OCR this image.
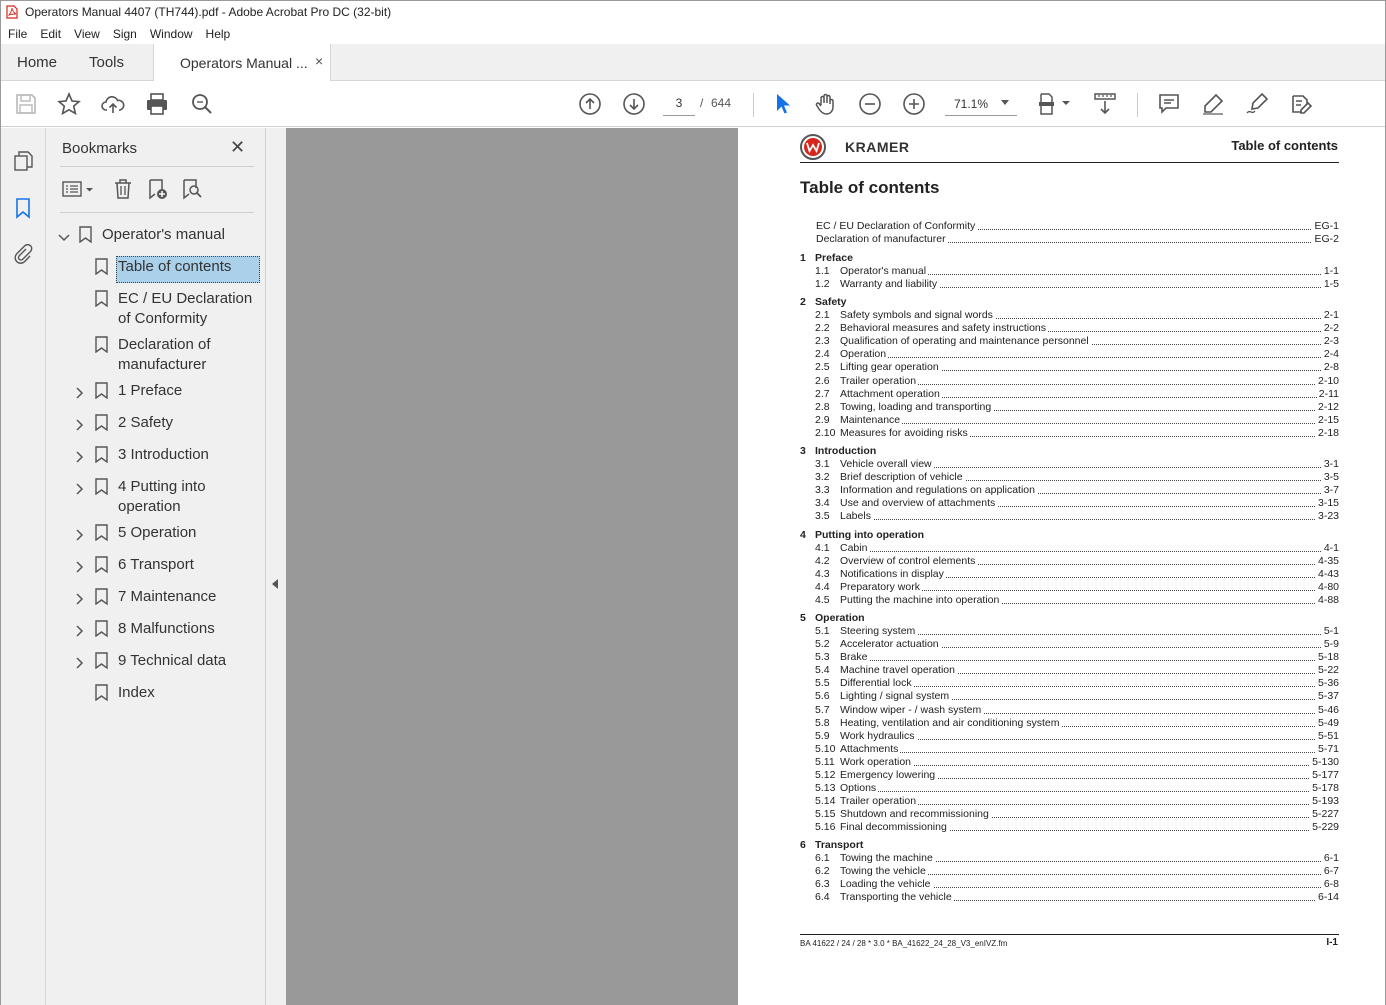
Operators Manual 4407 (TH744).pdf - Adobe Acrobat Pro DC (32-bit)
File	Edit	View	Sign	Window	Help
Home Tools	Operators Manual ... ×
3	/ 644	71.1%
Bookmarks	✕
Operator's manual
Table of contents
EC / EU Declaration
of Conformity
Declaration of
manufacturer
1 Preface
2 Safety
3 Introduction
4 Putting into
operation
5 Operation
6 Transport
7 Maintenance
8 Malfunctions
9 Technical data
Index
KRAMER	Table of contents
Table of contents
BA 41622 / 24 / 28 * 3.0 * BA_41622_24_28_V3_enIVZ.fm	I-1
EC / EU Declaration of Conformity	EG-1
Declaration of manufacturer	EG-2
1 Preface
1.1 Operator's manual	1-1
1.2 Warranty and liability	1-5
2 Safety
2.1 Safety symbols and signal words	2-1
2.2 Behavioral measures and safety instructions	2-2
2.3 Qualification of operating and maintenance personnel	2-3
2.4 Operation	2-4
2.5 Lifting gear operation	2-8
2.6 Trailer operation	2-10
2.7 Attachment operation	2-11
2.8 Towing, loading and transporting	2-12
2.9 Maintenance	2-15
2.10 Measures for avoiding risks	2-18
3 Introduction
3.1 Vehicle overall view	3-1
3.2 Brief description of vehicle	3-5
3.3 Information and regulations on application	3-7
3.4 Use and overview of attachments	3-15
3.5 Labels	3-23
4 Putting into operation
4.1 Cabin	4-1
4.2 Overview of control elements	4-35
4.3 Notifications in display	4-43
4.4 Preparatory work	4-80
4.5 Putting the machine into operation	4-88
5 Operation
5.1 Steering system	5-1
5.2 Accelerator actuation	5-9
5.3 Brake	5-18
5.4 Machine travel operation	5-22
5.5 Differential lock	5-36
5.6 Lighting / signal system	5-37
5.7 Window wiper - / wash system	5-46
5.8 Heating, ventilation and air conditioning system	5-49
5.9 Work hydraulics	5-51
5.10 Attachments	5-71
5.11 Work operation	5-130
5.12 Emergency lowering	5-177
5.13 Options	5-178
5.14 Trailer operation	5-193
5.15 Shutdown and recommissioning	5-227
5.16 Final decommissioning	5-229
6 Transport
6.1 Towing the machine	6-1
6.2 Towing the vehicle	6-7
6.3 Loading the vehicle	6-8
6.4 Transporting the vehicle	6-14
